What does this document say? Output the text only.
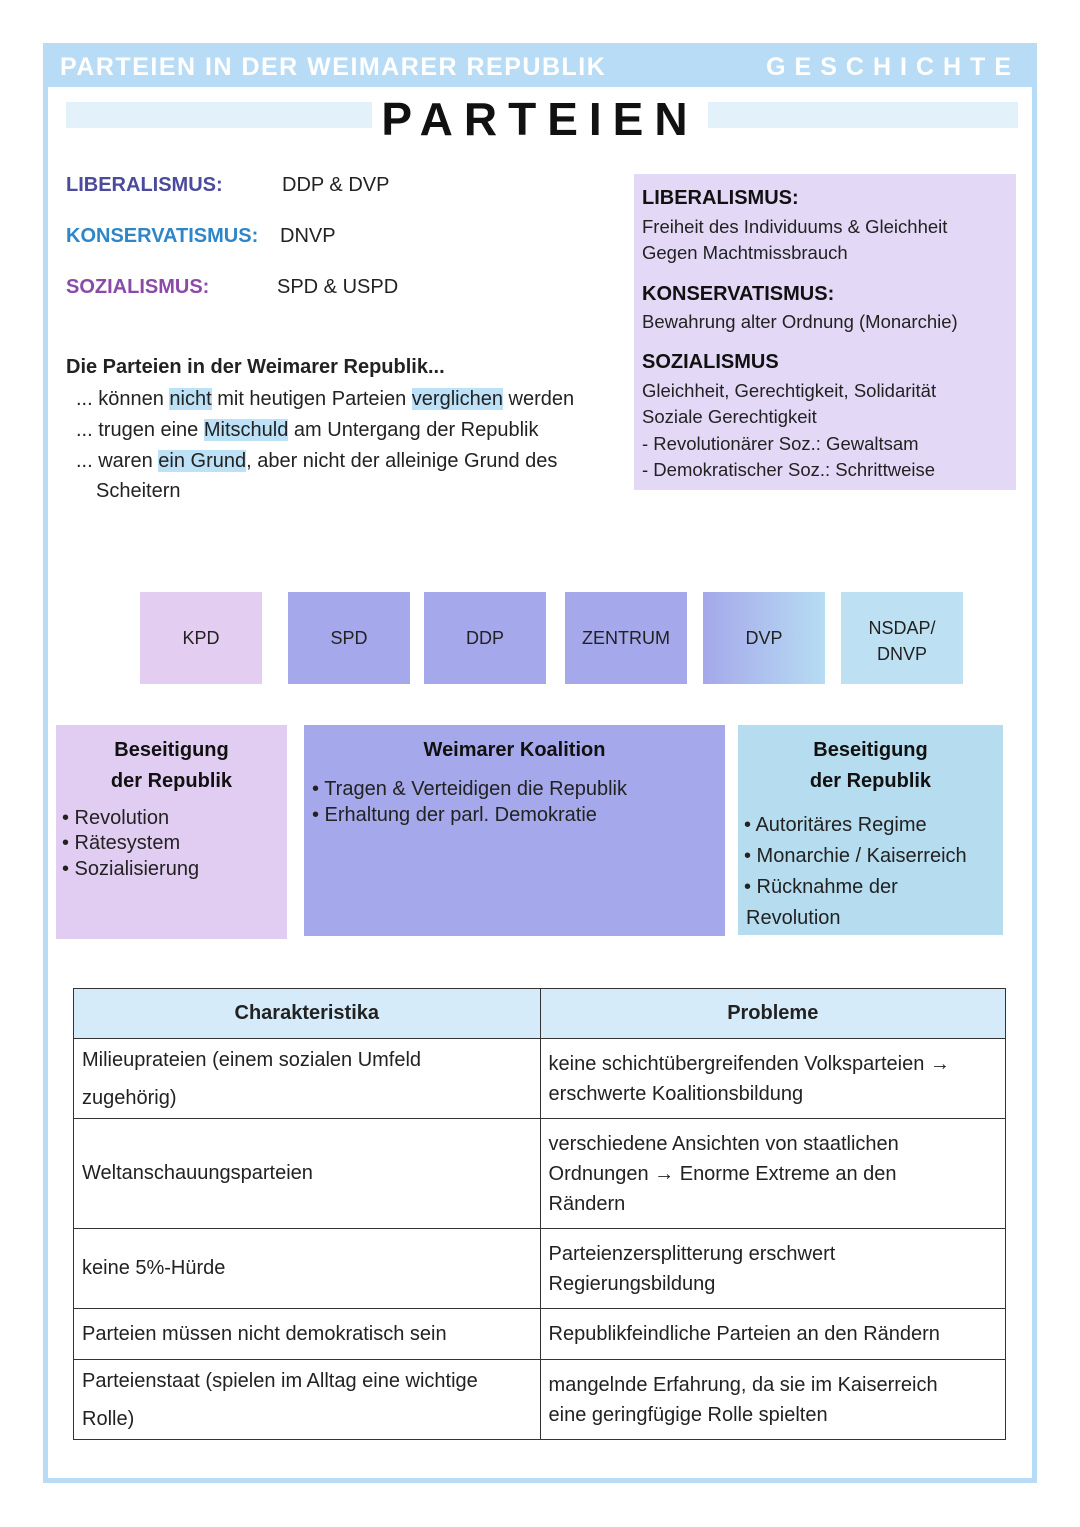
PARTEIEN IN DER WEIMARER REPUBLIK	GESCHICHTE
PARTEIEN
LIBERALISMUS:	DDP & DVP
KONSERVATISMUS: DNVP
SOZIALISMUS:	SPD & USPD
Die Parteien in der Weimarer Republik...
... können nicht mit heutigen Parteien verglichen werden
... trugen eine Mitschuld am Untergang der Republik
... waren ein Grund, aber nicht der alleinige Grund des
Scheitern
LIBERALISMUS:
Freiheit des Individuums & Gleichheit
Gegen Machtmissbrauch
KONSERVATISMUS:
Bewahrung alter Ordnung (Monarchie)
SOZIALISMUS
Gleichheit, Gerechtigkeit, Solidarität
Soziale Gerechtigkeit
- Revolutionärer Soz.: Gewaltsam
- Demokratischer Soz.: Schrittweise
KPD	SPD	DDP	ZENTRUM	DVP	NSDAP/
DNVP
Beseitigung
der Republik
• Revolution
• Rätesystem
• Sozialisierung
Weimarer Koalition
• Tragen & Verteidigen die Republik
• Erhaltung der parl. Demokratie
Beseitigung
der Republik
• Autoritäres Regime
• Monarchie / Kaiserreich
• Rücknahme der
Revolution
Charakteristika	Probleme

Milieuprateien (einem sozialen Umfeld
zugehörig)	keine schichtübergreifenden Volksparteien →
erschwerte Koalitionsbildung

Weltanschauungsparteien	verschiedene Ansichten von staatlichen
Ordnungen → Enorme Extreme an den
Rändern

keine 5%-Hürde	Parteienzersplitterung erschwert
Regierungsbildung

Parteien müssen nicht demokratisch sein	Republikfeindliche Parteien an den Rändern

Parteienstaat (spielen im Alltag eine wichtige
Rolle)	mangelnde Erfahrung, da sie im Kaiserreich
eine geringfügige Rolle spielten
